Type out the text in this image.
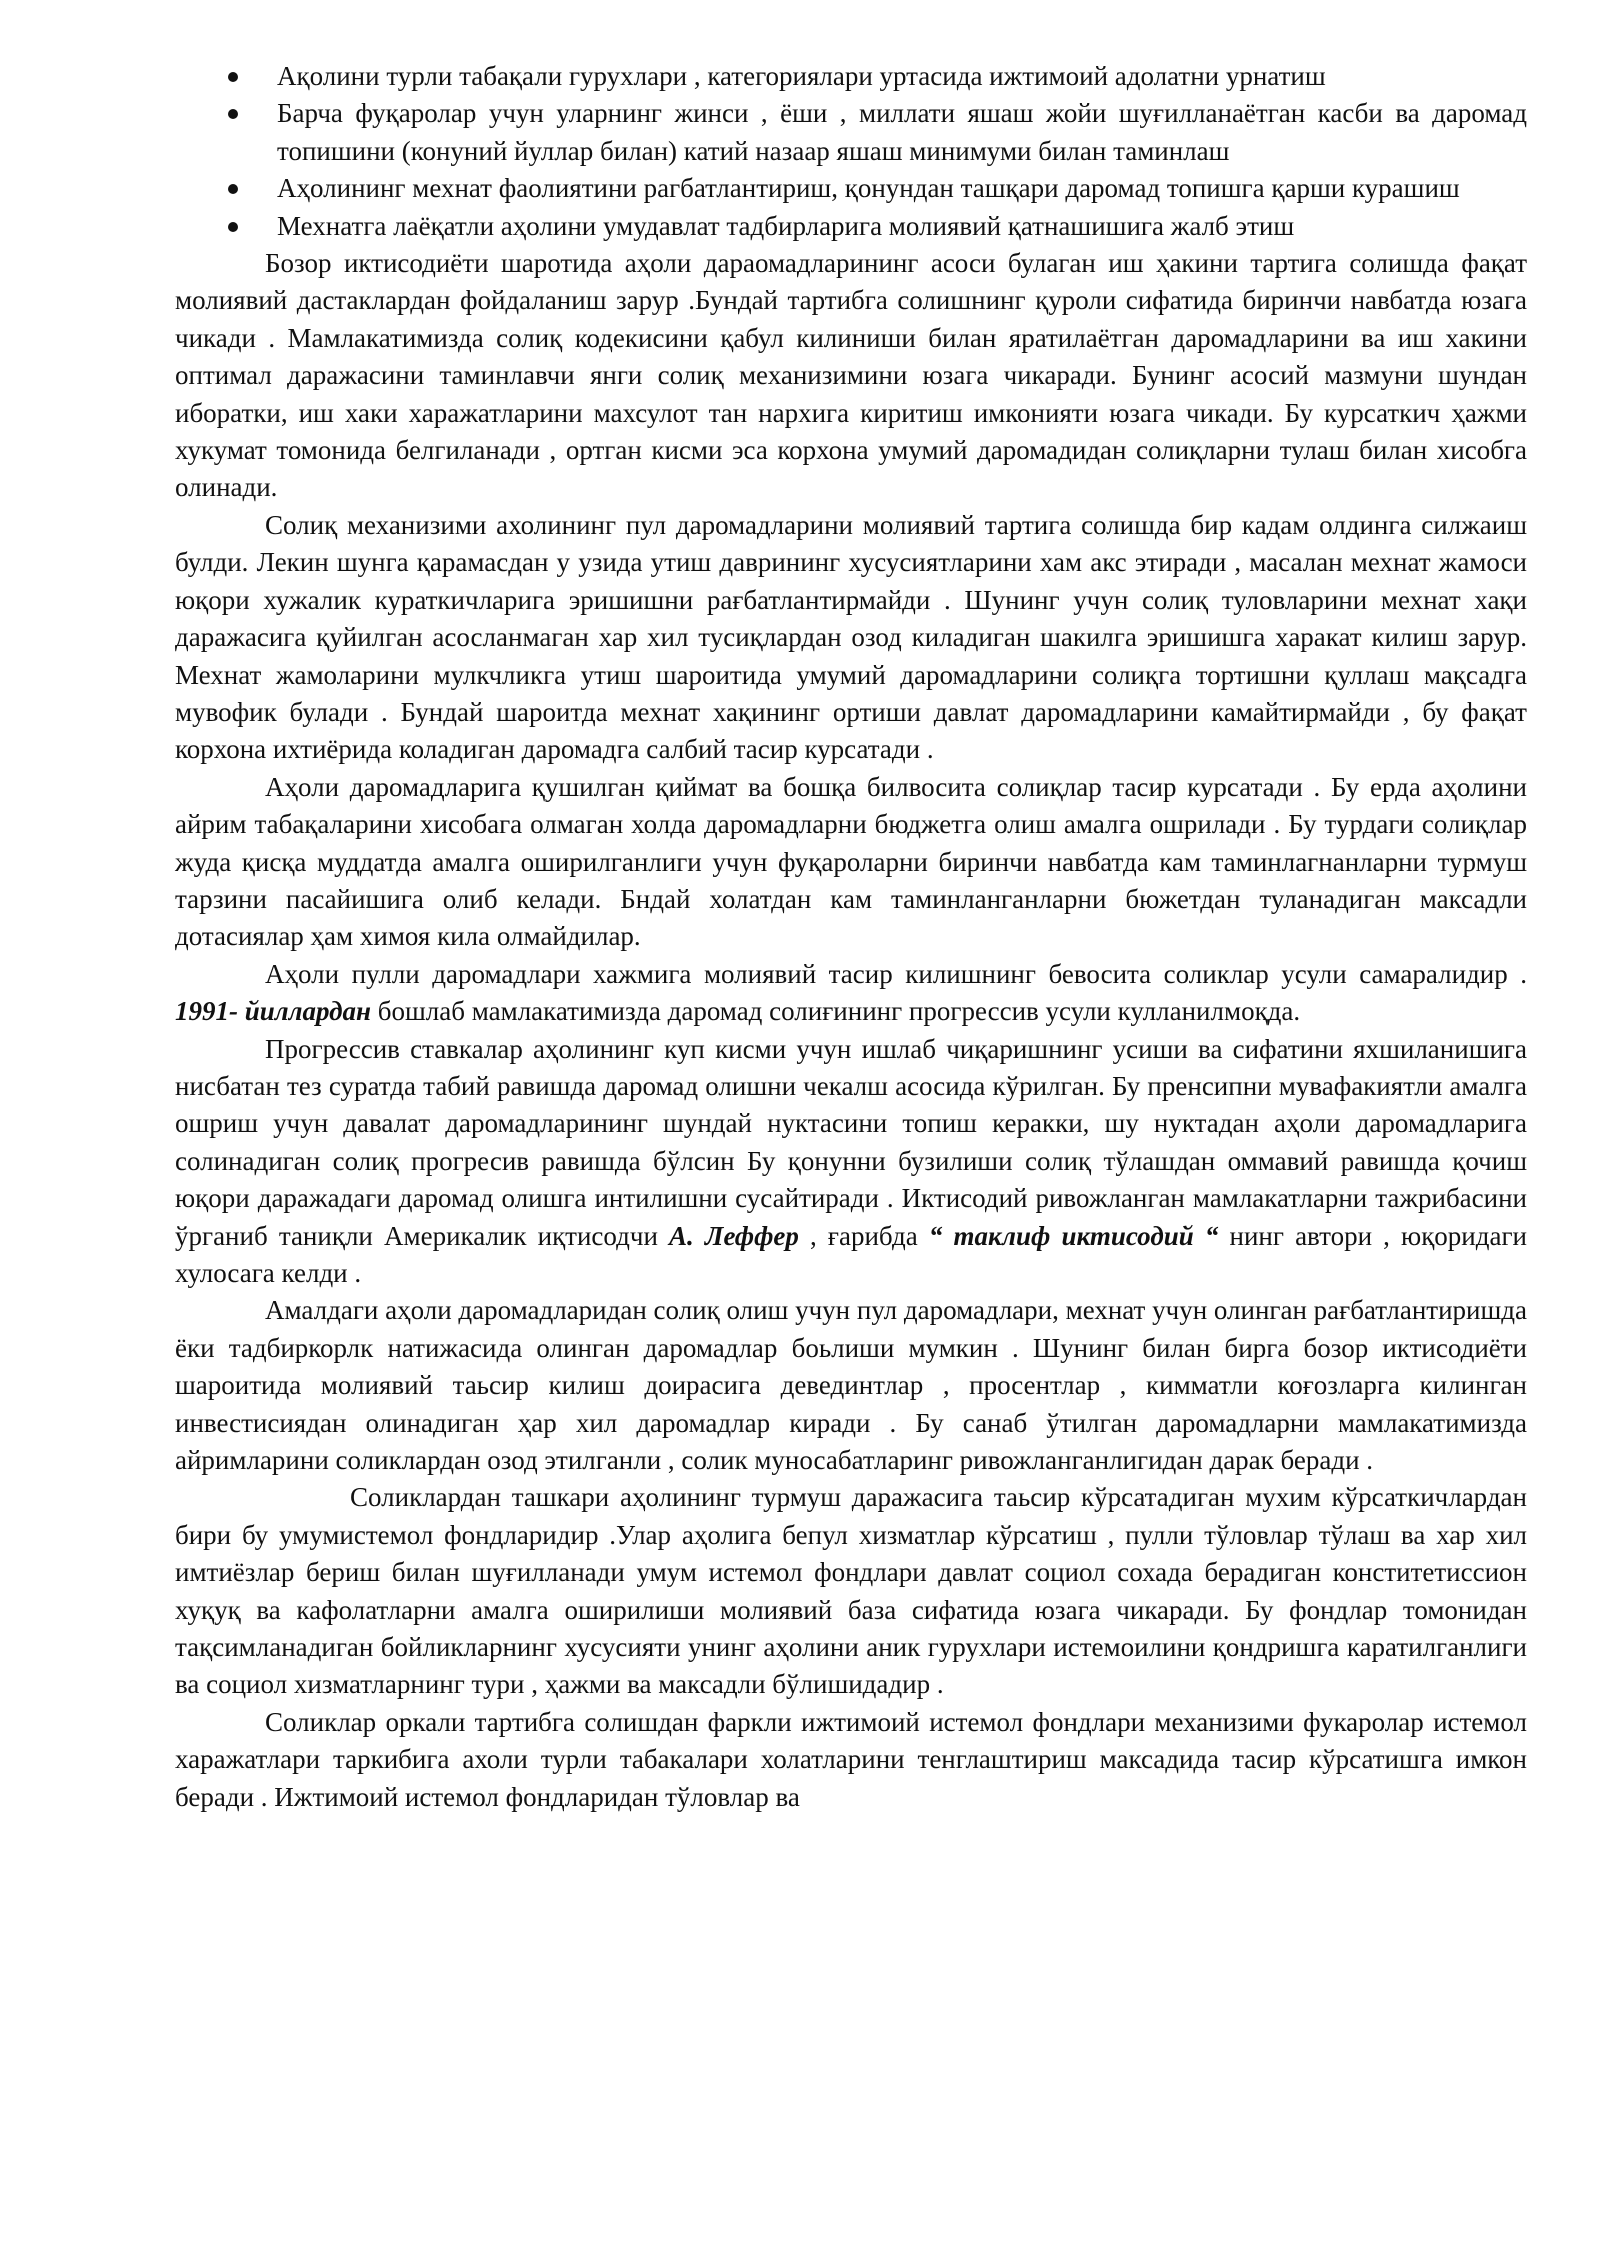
Ақолини турли табақали гурухлари , категориялари уртасида ижтимоий адолатни урнатиш
Барча фуқаролар учун уларнинг жинси , ёши , миллати яшаш жойи шуғилланаётган касби ва даромад топишини (конуний йуллар билан) катий назаар яшаш минимуми билан таминлаш
Аҳолининг мехнат фаолиятини рагбатлантириш, қонундан ташқари даромад топишга қарши курашиш
Мехнатга лаёқатли аҳолини умудавлат тадбирларига молиявий қатнашишига жалб этиш

Бозор иктисодиёти шаротида аҳоли дараомадларининг асоси булаган иш ҳакини тартига солишда фақат молиявий дастаклардан фойдаланиш зарур .Бундай тартибга солишнинг қуроли сифатида биринчи навбатда юзага чикади . Мамлакатимизда солиқ кодекисини қабул килиниши билан яратилаётган даромадларини ва иш хакини оптимал даражасини таминлавчи янги солиқ механизимини юзага чикаради. Бунинг асосий мазмуни шундан иборатки, иш хаки харажатларини махсулот тан нархига киритиш имконияти юзага чикади. Бу курсаткич ҳажми хукумат томонида белгиланади , ортган кисми эса корхона умумий даромадидан солиқларни тулаш билан хисобга олинади.

Солиқ механизими ахолининг пул даромадларини молиявий тартига солишда бир кадам олдинга силжаиш булди. Лекин шунга қарамасдан у узида утиш даврининг хусусиятларини хам акс этиради , масалан мехнат жамоси юқори хужалик кураткичларига эришишни рағбатлантирмайди . Шунинг учун солиқ туловларини мехнат хақи даражасига қуйилган асосланмаган хар хил тусиқлардан озод киладиган шакилга эришишга харакат килиш зарур. Мехнат жамоларини мулкчликга утиш шароитида умумий даромадларини солиқга тортишни қуллаш мақсадга мувофик булади . Бундай шароитда мехнат хақининг ортиши давлат даромадларини камайтирмайди , бу фақат корхона ихтиёрида коладиган даромадга салбий тасир курсатади .

Аҳоли даромадларига қушилган қиймат ва бошқа билвосита солиқлар тасир курсатади . Бу ерда аҳолини айрим табақаларини хисобага олмаган холда даромадларни бюджетга олиш амалга ошрилади . Бу турдаги солиқлар жуда қисқа муддатда амалга оширилганлиги учун фуқароларни биринчи навбатда кам таминлагнанларни турмуш тарзини пасайишига олиб келади. Бндай холатдан кам таминланганларни бюжетдан туланадиган максадли дотасиялар ҳам химоя кила олмайдилар.

Аҳоли пулли даромадлари хажмига молиявий тасир килишнинг бевосита соликлар усули самаралидир . 1991- йиллардан бошлаб мамлакатимизда даромад солиғининг прогрессив усули кулланилмоқда.

Прогрессив ставкалар аҳолининг куп кисми учун ишлаб чиқаришнинг усиши ва сифатини яхшиланишига нисбатан тез суратда табий равишда даромад олишни чекалш асосида кўрилган. Бу пренсипни мувафакиятли амалга ошриш учун давалат даромадларининг шундай нуктасини топиш керакки, шу нуктадан аҳоли даромадларига солинадиган солиқ прогресив равишда бўлсин Бу қонунни бузилиши солиқ тўлашдан оммавий равишда қочиш юқори даражадаги даромад олишга интилишни сусайтиради . Иктисодий ривожланган мамлакатларни тажрибасини ўрганиб таниқли Америкалик иқтисодчи А. Леффер , ғарибда “ таклиф иктисодий “ нинг автори , юқоридаги хулосага келди .

Амалдаги аҳоли даромадларидан солиқ олиш учун пул даромадлари, мехнат учун олинган рағбатлантиришда ёки тадбиркорлк натижасида олинган даромадлар боьлиши мумкин . Шунинг билан бирга бозор иктисодиёти шароитида молиявий таьсир килиш доирасига девединтлар , просентлар , кимматли коғозларга килинган инвестисиядан олинадиган ҳар хил даромадлар киради . Бу санаб ўтилган даромадларни мамлакатимизда айримларини соликлардан озод этилганли , солик муносабатларинг ривожланганлигидан дарак беради .

Соликлардан ташкари аҳолининг турмуш даражасига таьсир кўрсатадиган мухим кўрсаткичлардан бири бу умумистемол фондларидир .Улар аҳолига бепул хизматлар кўрсатиш , пулли тўловлар тўлаш ва хар хил имтиёзлар бериш билан шуғилланади умум истемол фондлари давлат социол сохада берадиган конститетиссион хуқуқ ва кафолатларни амалга оширилиши молиявий база сифатида юзага чикаради. Бу фондлар томонидан тақсимланадиган бойликларнинг хусусияти унинг аҳолини аник гурухлари истемоилини қондришга каратилганлиги ва социол хизматларнинг тури , ҳажми ва максадли бўлишидадир .

Соликлар оркали тартибга солишдан фаркли ижтимоий истемол фондлари механизими фукаролар истемол харажатлари таркибига ахоли турли табакалари холатларини тенглаштириш максадида тасир кўрсатишга имкон беради . Ижтимоий истемол фондларидан тўловлар ва
